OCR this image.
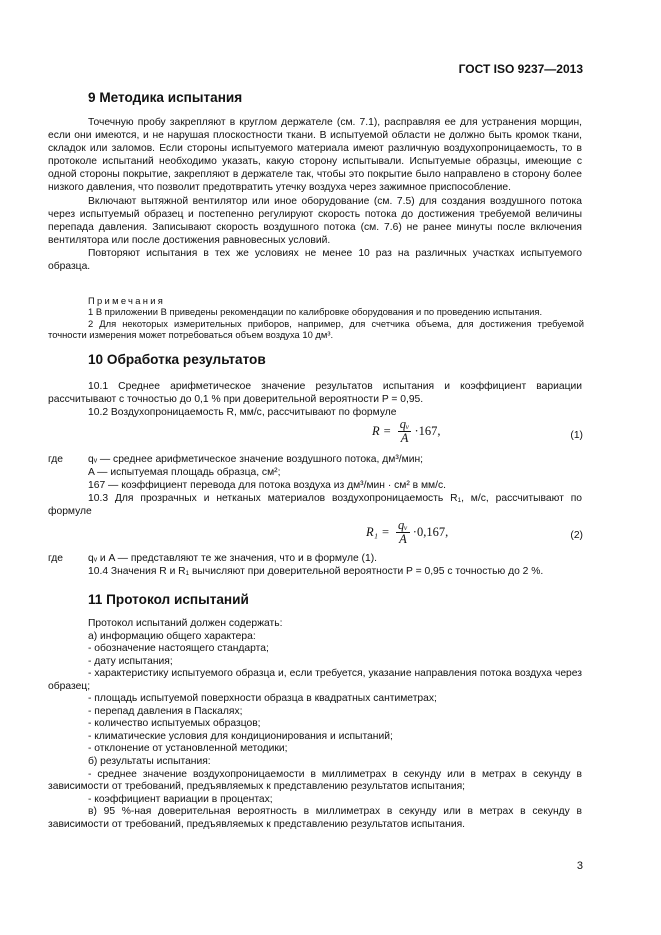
ГОСТ ISO 9237—2013
9 Методика испытания

Точечную пробу закрепляют в круглом держателе (см. 7.1), расправляя ее для устранения морщин, если они имеются, и не нарушая плоскостности ткани. В испытуемой области не должно быть кромок ткани, складок или заломов. Если стороны испытуемого материала имеют различную воздухопроницаемость, то в протоколе испытаний необходимо указать, какую сторону испытывали. Испытуемые образцы, имеющие с одной стороны покрытие, закрепляют в держателе так, чтобы это покрытие было направлено в сторону более низкого давления, что позволит предотвратить утечку воздуха через зажимное приспособление.

Включают вытяжной вентилятор или иное оборудование (см. 7.5) для создания воздушного потока через испытуемый образец и постепенно регулируют скорость потока до достижения требуемой величины перепада давления. Записывают скорость воздушного потока (см. 7.6) не ранее минуты после включения вентилятора или после достижения равновесных условий.

Повторяют испытания в тех же условиях не менее 10 раз на различных участках испытуемого образца.

Примечания

1 В приложении B приведены рекомендации по калибровке оборудования и по проведению испытания.

2 Для некоторых измерительных приборов, например, для счетчика объема, для достижения требуемой точности измерения может потребоваться объем воздуха 10 дм³.

10 Обработка результатов

10.1 Среднее арифметическое значение результатов испытания и коэффициент вариации рассчитывают с точностью до 0,1 % при доверительной вероятности P = 0,95.

10.2 Воздухопроницаемость R, мм/с, рассчитывают по формуле

$R = \frac{\text{qᵥ}}{A} \cdot 167$,	(1)
где qᵥ — среднее арифметическое значение воздушного потока, дм³/мин;
A — испытуемая площадь образца, см²;
167 — коэффициент перевода для потока воздуха из дм³/мин · см² в мм/с.

10.3 Для прозрачных и нетканых материалов воздухопроницаемость R₁, м/с, рассчитывают по формуле

$R_1 = \frac{\text{qᵥ}}{A} \cdot 0,167$,	(2)
где qᵥ и A — представляют те же значения, что и в формуле (1).
10.4 Значения R и R₁ вычисляют при доверительной вероятности P = 0,95 с точностью до 2 %.
11 Протокол испытаний

Протокол испытаний должен содержать:

а) информацию общего характера:

- обозначение настоящего стандарта;

- дату испытания;

- характеристику испытуемого образца и, если требуется, указание направления потока воздуха через образец;

- площадь испытуемой поверхности образца в квадратных сантиметрах;

- перепад давления в Паскалях;

- количество испытуемых образцов;

- климатические условия для кондиционирования и испытаний;

- отклонение от установленной методики;

б) результаты испытания:

- среднее значение воздухопроницаемости в миллиметрах в секунду или в метрах в секунду в зависимости от требований, предъявляемых к представлению результатов испытания;

- коэффициент вариации в процентах;

в) 95 %-ная доверительная вероятность в миллиметрах в секунду или в метрах в секунду в зависимости от требований, предъявляемых к представлению результатов испытания.

3
